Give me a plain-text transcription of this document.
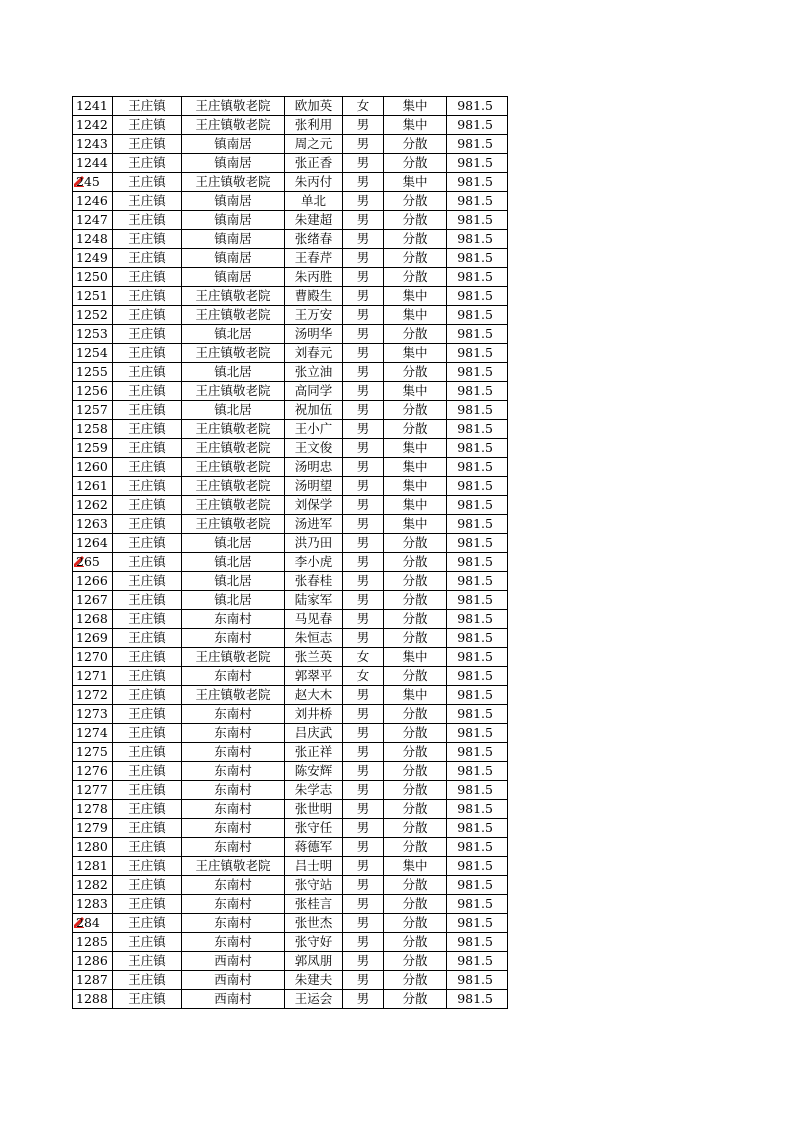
1241	王庄镇	王庄镇敬老院	欧加英	女	集中	981.5
1242	王庄镇	王庄镇敬老院	张利用	男	集中	981.5
1243	王庄镇	镇南居	周之元	男	分散	981.5
1244	王庄镇	镇南居	张正香	男	分散	981.5

245	王庄镇	王庄镇敬老院	朱丙付	男	集中	981.5
1246	王庄镇	镇南居	单北	男	分散	981.5
1247	王庄镇	镇南居	朱建超	男	分散	981.5
1248	王庄镇	镇南居	张绪春	男	分散	981.5
1249	王庄镇	镇南居	王春芹	男	分散	981.5
1250	王庄镇	镇南居	朱丙胜	男	分散	981.5
1251	王庄镇	王庄镇敬老院	曹殿生	男	集中	981.5
1252	王庄镇	王庄镇敬老院	王万安	男	集中	981.5
1253	王庄镇	镇北居	汤明华	男	分散	981.5
1254	王庄镇	王庄镇敬老院	刘春元	男	集中	981.5
1255	王庄镇	镇北居	张立油	男	分散	981.5
1256	王庄镇	王庄镇敬老院	高同学	男	集中	981.5
1257	王庄镇	镇北居	祝加伍	男	分散	981.5
1258	王庄镇	王庄镇敬老院	王小广	男	分散	981.5
1259	王庄镇	王庄镇敬老院	王文俊	男	集中	981.5
1260	王庄镇	王庄镇敬老院	汤明忠	男	集中	981.5
1261	王庄镇	王庄镇敬老院	汤明望	男	集中	981.5
1262	王庄镇	王庄镇敬老院	刘保学	男	集中	981.5
1263	王庄镇	王庄镇敬老院	汤进军	男	集中	981.5
1264	王庄镇	镇北居	洪乃田	男	分散	981.5

265	王庄镇	镇北居	李小虎	男	分散	981.5
1266	王庄镇	镇北居	张春桂	男	分散	981.5
1267	王庄镇	镇北居	陆家军	男	分散	981.5
1268	王庄镇	东南村	马见春	男	分散	981.5
1269	王庄镇	东南村	朱恒志	男	分散	981.5
1270	王庄镇	王庄镇敬老院	张兰英	女	集中	981.5
1271	王庄镇	东南村	郭翠平	女	分散	981.5
1272	王庄镇	王庄镇敬老院	赵大木	男	集中	981.5
1273	王庄镇	东南村	刘井桥	男	分散	981.5
1274	王庄镇	东南村	吕庆武	男	分散	981.5
1275	王庄镇	东南村	张正祥	男	分散	981.5
1276	王庄镇	东南村	陈安辉	男	分散	981.5
1277	王庄镇	东南村	朱学志	男	分散	981.5
1278	王庄镇	东南村	张世明	男	分散	981.5
1279	王庄镇	东南村	张守任	男	分散	981.5
1280	王庄镇	东南村	蒋德军	男	分散	981.5
1281	王庄镇	王庄镇敬老院	吕士明	男	集中	981.5
1282	王庄镇	东南村	张守站	男	分散	981.5
1283	王庄镇	东南村	张桂言	男	分散	981.5

284	王庄镇	东南村	张世杰	男	分散	981.5
1285	王庄镇	东南村	张守好	男	分散	981.5
1286	王庄镇	西南村	郭凤朋	男	分散	981.5
1287	王庄镇	西南村	朱建夫	男	分散	981.5
1288	王庄镇	西南村	王运会	男	分散	981.5
